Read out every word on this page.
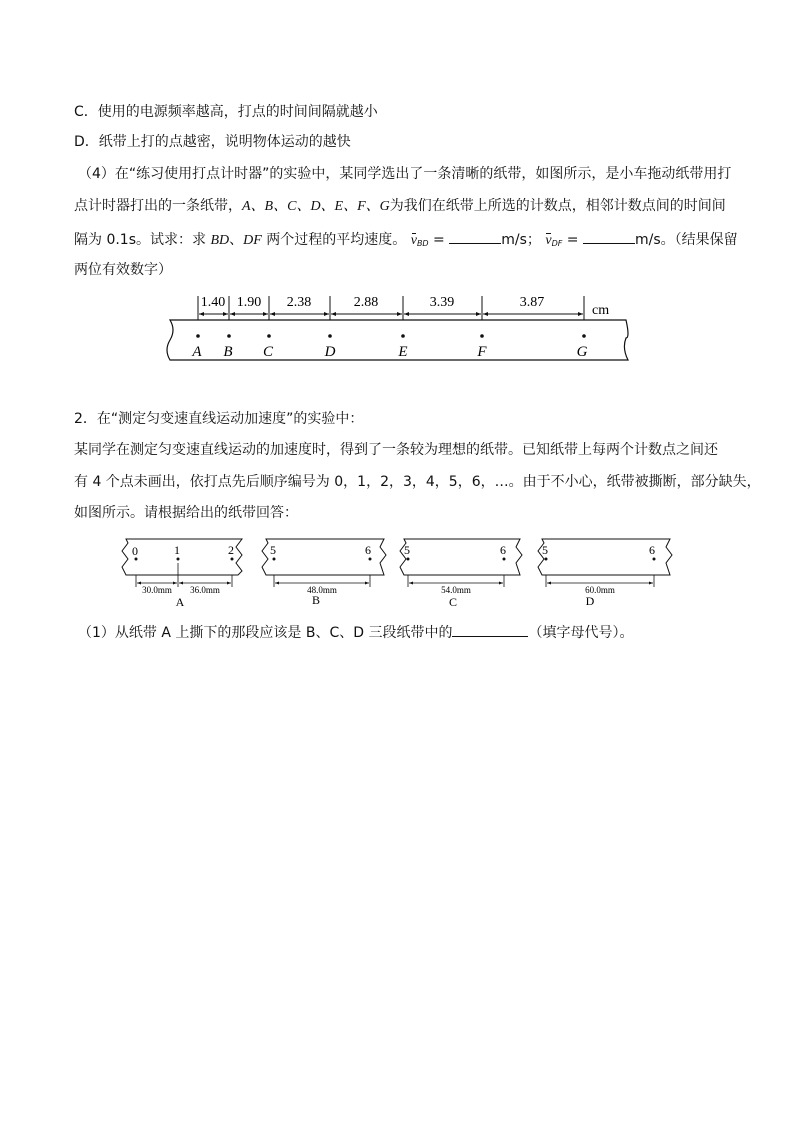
C．使用的电源频率越高，打点的时间间隔就越小
D．纸带上打的点越密，说明物体运动的越快
（4）在“练习使用打点计时器”的实验中，某同学选出了一条清晰的纸带，如图所示，是小车拖动纸带用打
点计时器打出的一条纸带，A、B、C、D、E、F、G为我们在纸带上所选的计数点，相邻计数点间的时间间
隔为 0.1s。试求：求 BD、DF 两个过程的平均速度。 $v_{BD}$ =	m/s； $v_{DF}$ =	m/s。（结果保留
两位有效数字）
1.40 1.90 2.38	2.88	3.39	3.87
cm
A B C	D	E	F	G
2．在“测定匀变速直线运动加速度”的实验中：
某同学在测定匀变速直线运动的加速度时，得到了一条较为理想的纸带。已知纸带上每两个计数点之间还
有 4 个点未画出，依打点先后顺序编号为 0，1，2，3，4，5，6，…。由于不小心，纸带被撕断，部分缺失，
如图所示。请根据给出的纸带回答：
0	1	2	5	6	5	6	5	6
30.0mm 36.0mm	48.0mm	54.0mm	60.0mm
A	B	C	D
（1）从纸带 A 上撕下的那段应该是 B、C、D 三段纸带中的	（填字母代号）。
